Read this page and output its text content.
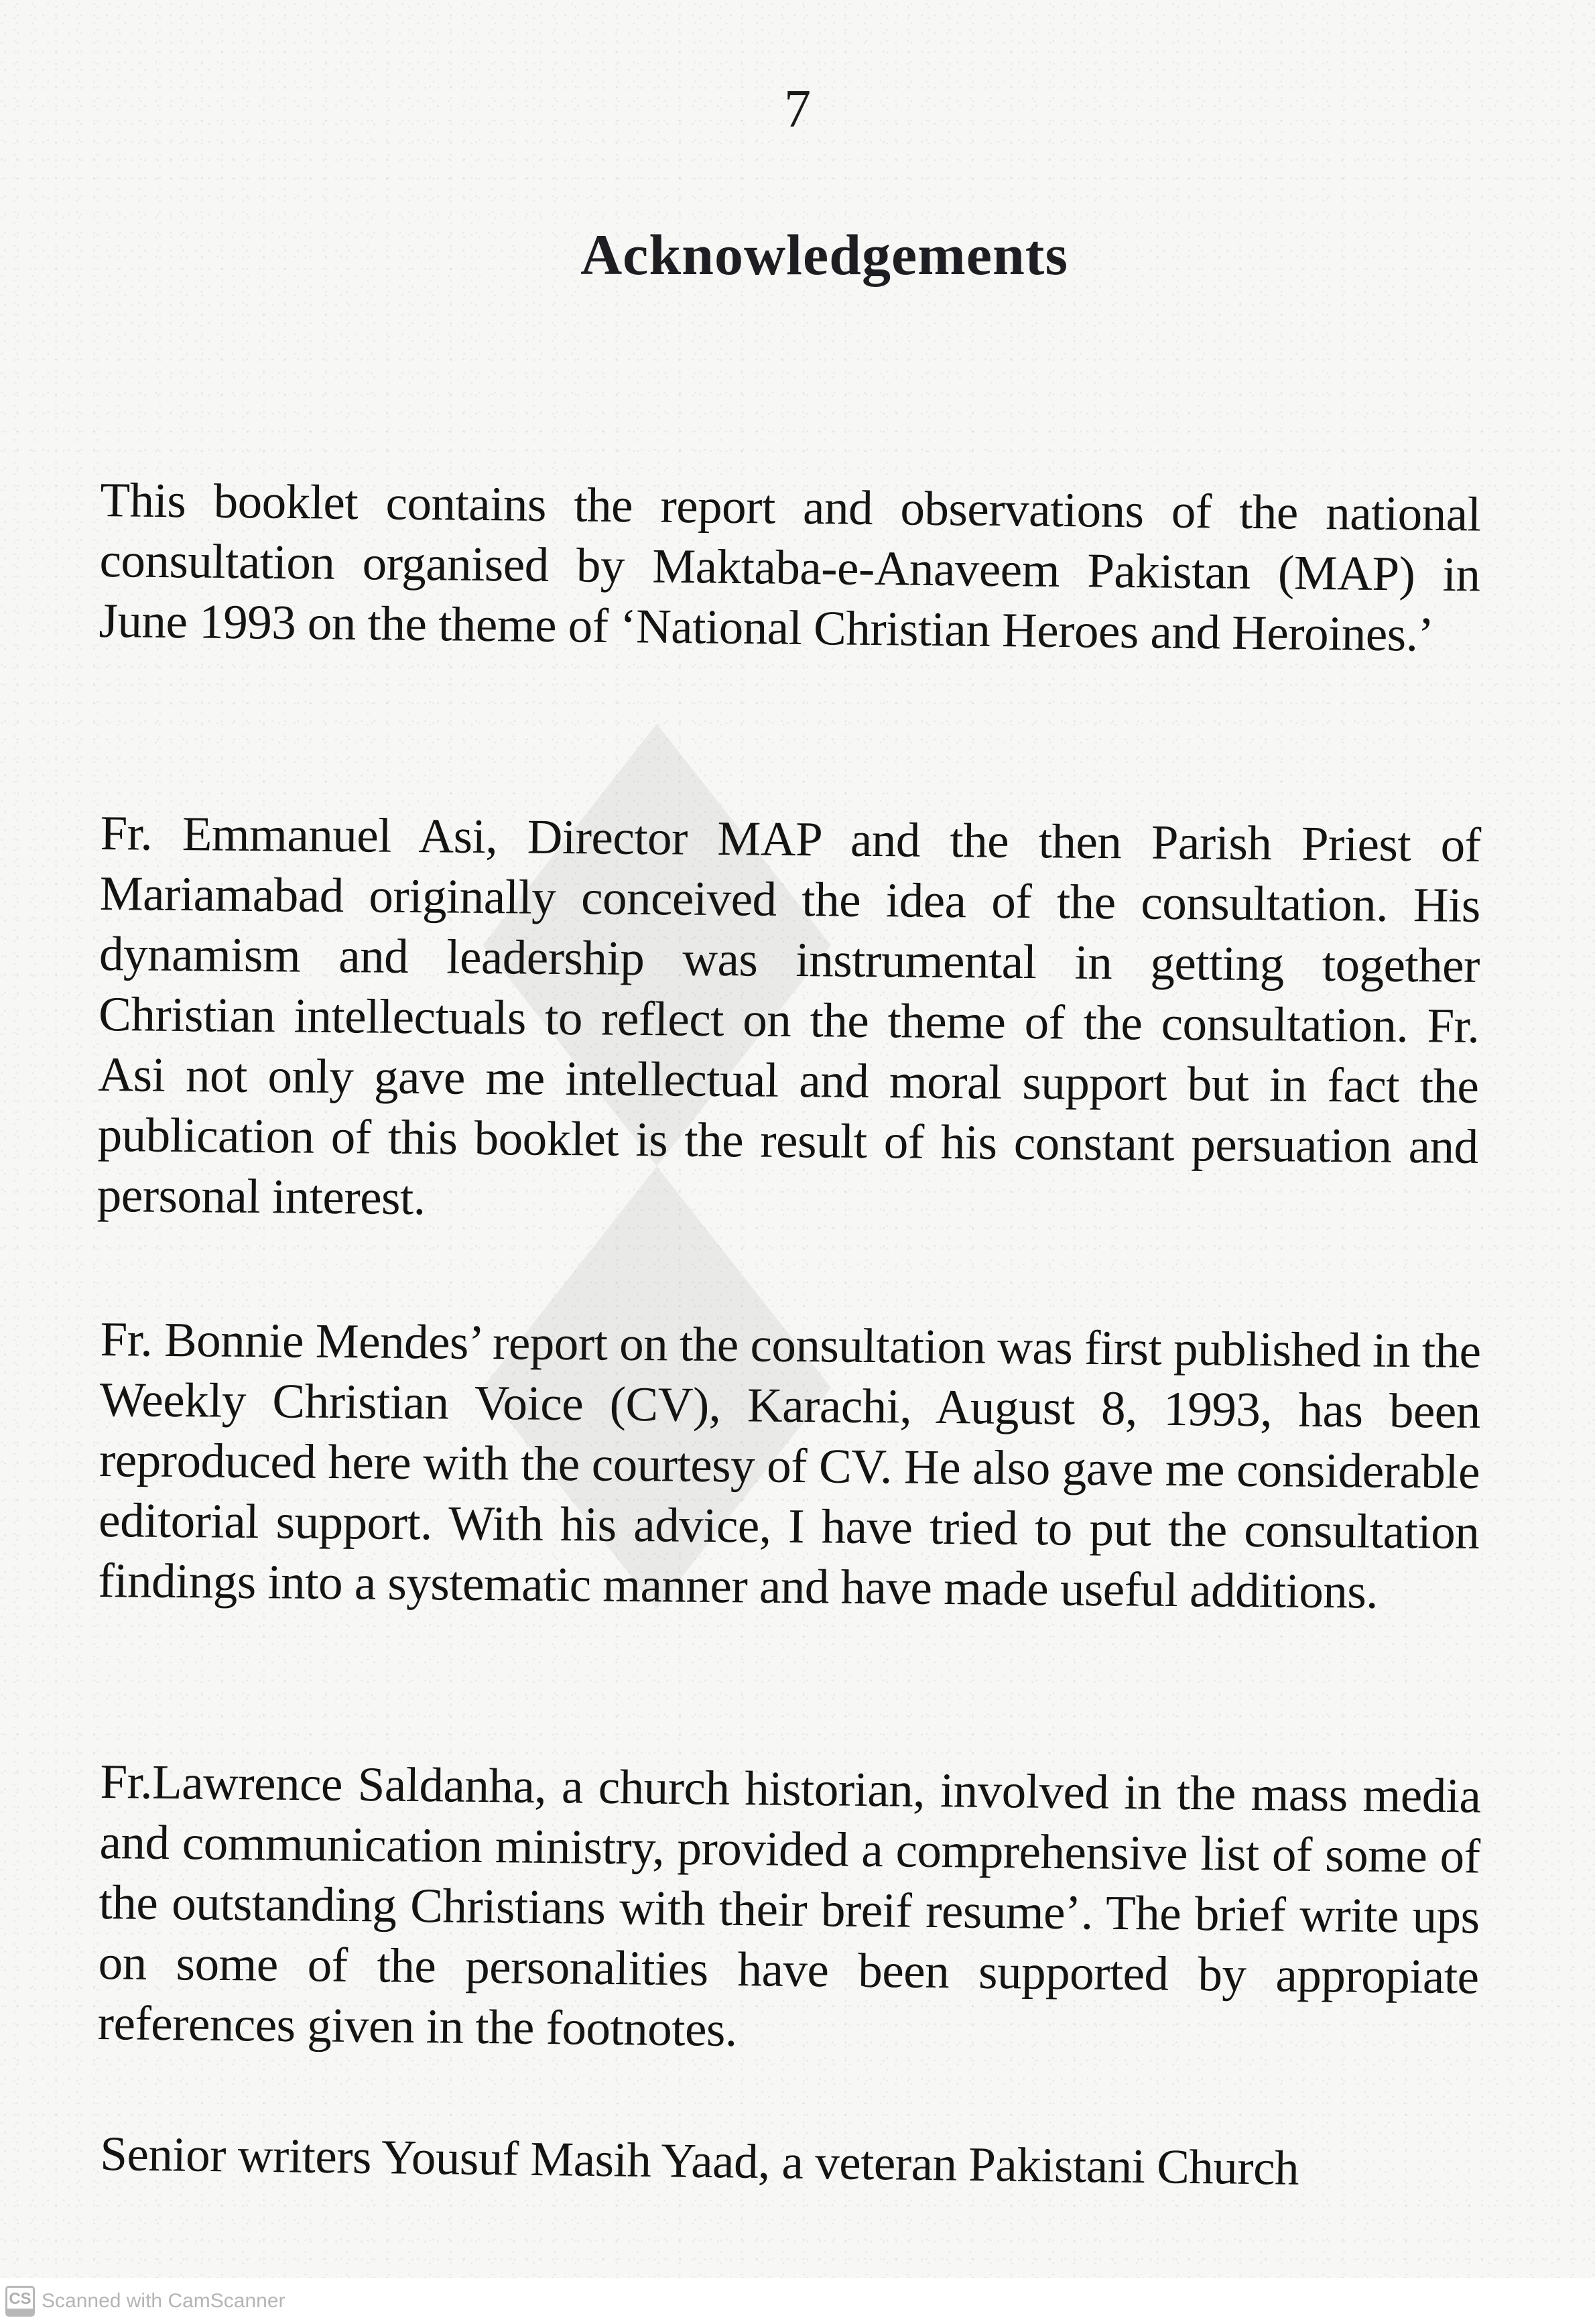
7
Acknowledgements

This booklet contains the report and observations of the national consultation organised by Maktaba-e-Anaveem Pakistan (MAP) in June 1993 on the theme of ‘National Christian Heroes and Heroines.’

Fr. Emmanuel Asi, Director MAP and the then Parish Priest of Mariamabad originally conceived the idea of the consultation. His dynamism and leadership was instrumental in getting together Christian intellectuals to reflect on the theme of the consultation. Fr. Asi not only gave me intellectual and moral support but in fact the publication of this booklet is the result of his constant persuation and personal interest.

Fr. Bonnie Mendes’ report on the consultation was first published in the Weekly Christian Voice (CV), Karachi, August 8, 1993, has been reproduced here with the courtesy of CV. He also gave me considerable editorial support. With his advice, I have tried to put the consultation findings into a systematic manner and have made useful additions.

Fr.Lawrence Saldanha, a church historian, involved in the mass media and communication ministry, provided a comprehensive list of some of the outstanding Christians with their breif resume’. The brief write ups on some of the personalities have been supported by appropiate references given in the footnotes.

Senior writers Yousuf Masih Yaad, a veteran Pakistani Church

CS Scanned with CamScanner
